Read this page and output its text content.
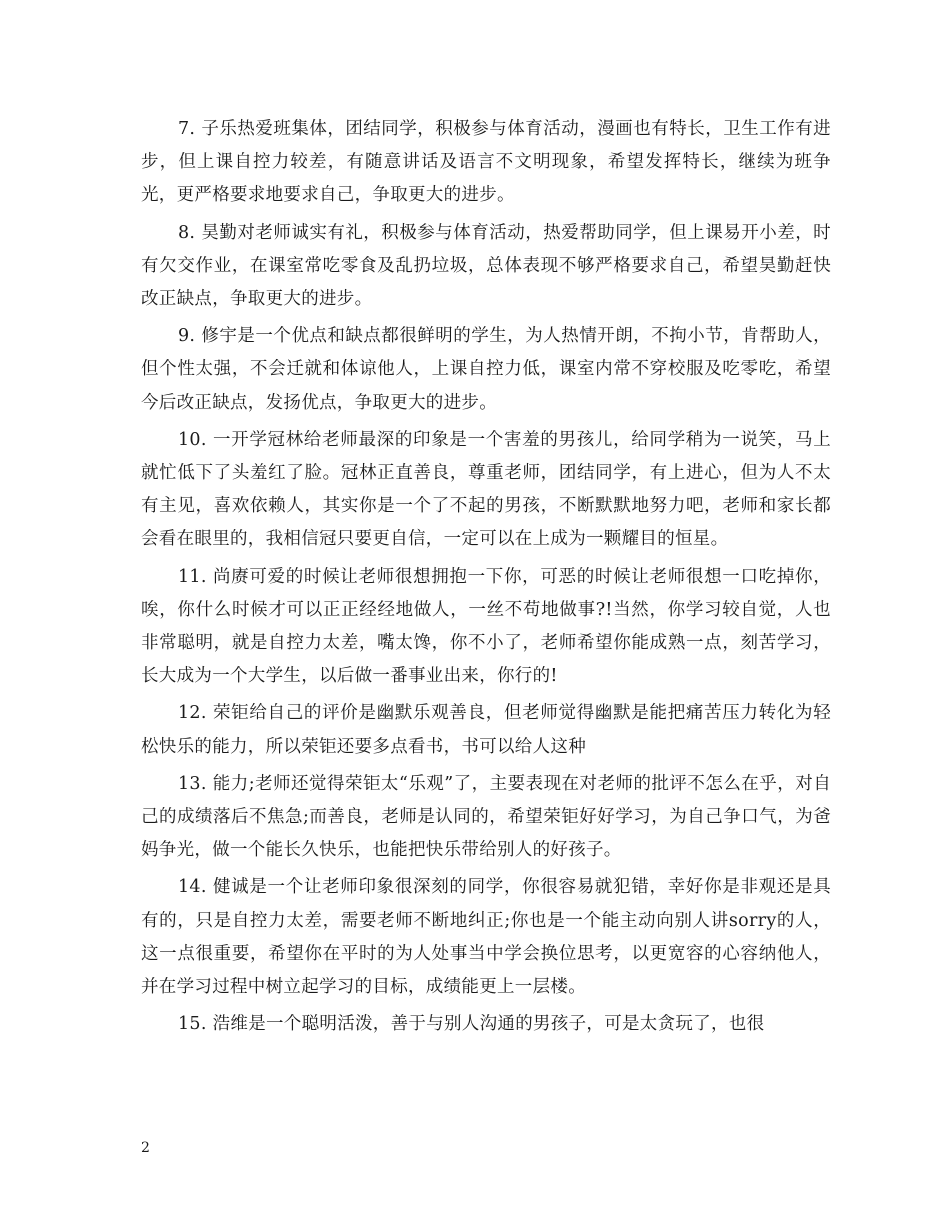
7. 子乐热爱班集体，团结同学，积极参与体育活动，漫画也有特长，卫生工作有进步，但上课自控力较差，有随意讲话及语言不文明现象，希望发挥特长，继续为班争光，更严格要求地要求自己，争取更大的进步。

8. 昊勤对老师诚实有礼，积极参与体育活动，热爱帮助同学，但上课易开小差，时有欠交作业，在课室常吃零食及乱扔垃圾，总体表现不够严格要求自己，希望昊勤赶快改正缺点，争取更大的进步。

9. 修宇是一个优点和缺点都很鲜明的学生，为人热情开朗，不拘小节，肯帮助人，但个性太强，不会迁就和体谅他人，上课自控力低，课室内常不穿校服及吃零吃，希望今后改正缺点，发扬优点，争取更大的进步。

10. 一开学冠林给老师最深的印象是一个害羞的男孩儿，给同学稍为一说笑，马上就忙低下了头羞红了脸。冠林正直善良，尊重老师，团结同学，有上进心，但为人不太有主见，喜欢依赖人，其实你是一个了不起的男孩，不断默默地努力吧，老师和家长都会看在眼里的，我相信冠只要更自信，一定可以在上成为一颗耀目的恒星。

11. 尚赓可爱的时候让老师很想拥抱一下你，可恶的时候让老师很想一口吃掉你，唉，你什么时候才可以正正经经地做人，一丝不苟地做事?!当然，你学习较自觉，人也非常聪明，就是自控力太差，嘴太馋，你不小了，老师希望你能成熟一点，刻苦学习，长大成为一个大学生，以后做一番事业出来，你行的!

12. 荣钜给自己的评价是幽默乐观善良，但老师觉得幽默是能把痛苦压力转化为轻松快乐的能力，所以荣钜还要多点看书，书可以给人这种

13. 能力;老师还觉得荣钜太“乐观”了，主要表现在对老师的批评不怎么在乎，对自己的成绩落后不焦急;而善良，老师是认同的，希望荣钜好好学习，为自己争口气，为爸妈争光，做一个能长久快乐，也能把快乐带给别人的好孩子。

14. 健诚是一个让老师印象很深刻的同学，你很容易就犯错，幸好你是非观还是具有的，只是自控力太差，需要老师不断地纠正;你也是一个能主动向别人讲sorry的人，这一点很重要，希望你在平时的为人处事当中学会换位思考，以更宽容的心容纳他人，并在学习过程中树立起学习的目标，成绩能更上一层楼。

15. 浩维是一个聪明活泼，善于与别人沟通的男孩子，可是太贪玩了，也很

2
